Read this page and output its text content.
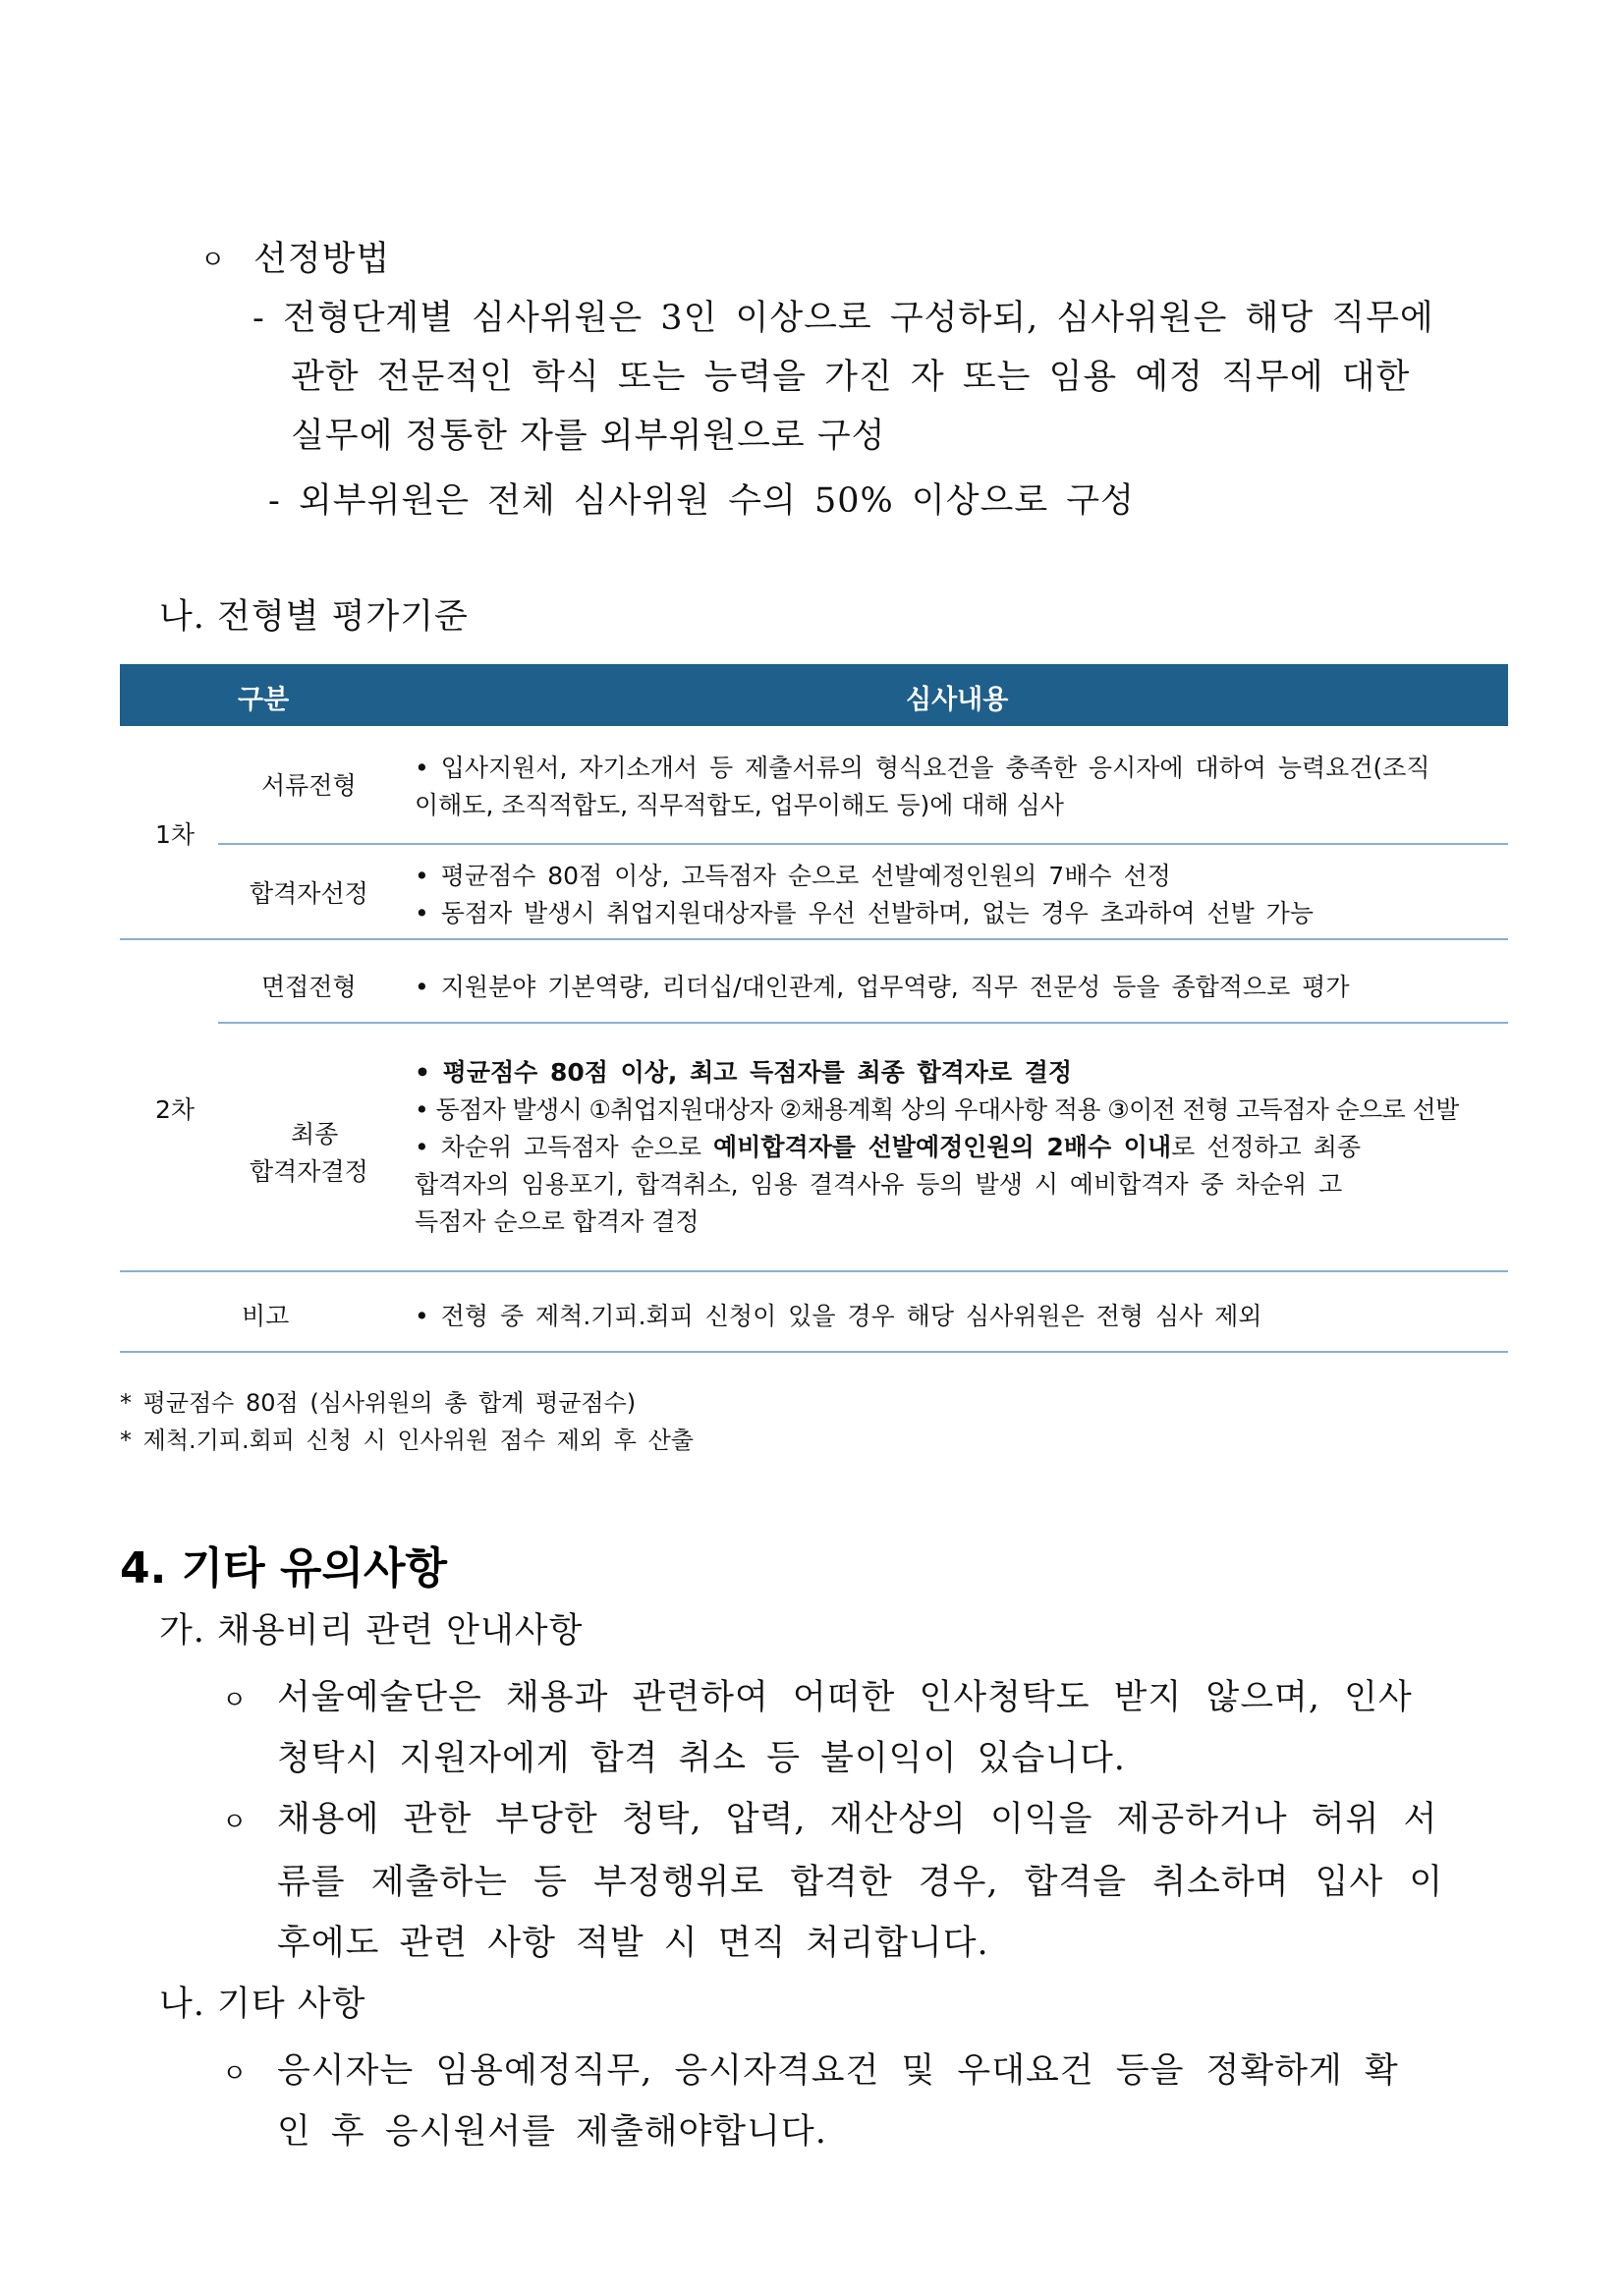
ㅇ 선정방법
- 전형단계별 심사위원은 3인 이상으로 구성하되, 심사위원은 해당 직무에
관한 전문적인 학식 또는 능력을 가진 자 또는 임용 예정 직무에 대한
실무에 정통한 자를 외부위원으로 구성
- 외부위원은 전체 심사위원 수의 50% 이상으로 구성
나. 전형별 평가기준
구분	심사내용
1차
2차
서류전형
• 입사지원서, 자기소개서 등 제출서류의 형식요건을 충족한 응시자에 대하여 능력요건(조직
이해도, 조직적합도, 직무적합도, 업무이해도 등)에 대해 심사
합격자선정
• 평균점수 80점 이상, 고득점자 순으로 선발예정인원의 7배수 선정
• 동점자 발생시 취업지원대상자를 우선 선발하며, 없는 경우 초과하여 선발 가능
면접전형 • 지원분야 기본역량, 리더십/대인관계, 업무역량, 직무 전문성 등을 종합적으로 평가
최종
합격자결정
• 평균점수 80점 이상, 최고 득점자를 최종 합격자로 결정
• 동점자 발생시 ①취업지원대상자 ②채용계획 상의 우대사항 적용 ③이전 전형 고득점자 순으로 선발
• 차순위 고득점자 순으로 예비합격자를 선발예정인원의 2배수 이내로 선정하고 최종
합격자의 임용포기, 합격취소, 임용 결격사유 등의 발생 시 예비합격자 중 차순위 고
득점자 순으로 합격자 결정
비고	• 전형 중 제척.기피.회피 신청이 있을 경우 해당 심사위원은 전형 심사 제외
* 평균점수 80점 (심사위원의 총 합계 평균점수)
* 제척.기피.회피 신청 시 인사위원 점수 제외 후 산출
4. 기타 유의사항
가. 채용비리 관련 안내사항
ㅇ 서울예술단은 채용과 관련하여 어떠한 인사청탁도 받지 않으며, 인사
청탁시 지원자에게 합격 취소 등 불이익이 있습니다.
ㅇ 채용에 관한 부당한 청탁, 압력, 재산상의 이익을 제공하거나 허위 서
류를 제출하는 등 부정행위로 합격한 경우, 합격을 취소하며 입사 이
후에도 관련 사항 적발 시 면직 처리합니다.
나. 기타 사항
ㅇ 응시자는 임용예정직무, 응시자격요건 및 우대요건 등을 정확하게 확
인 후 응시원서를 제출해야합니다.
